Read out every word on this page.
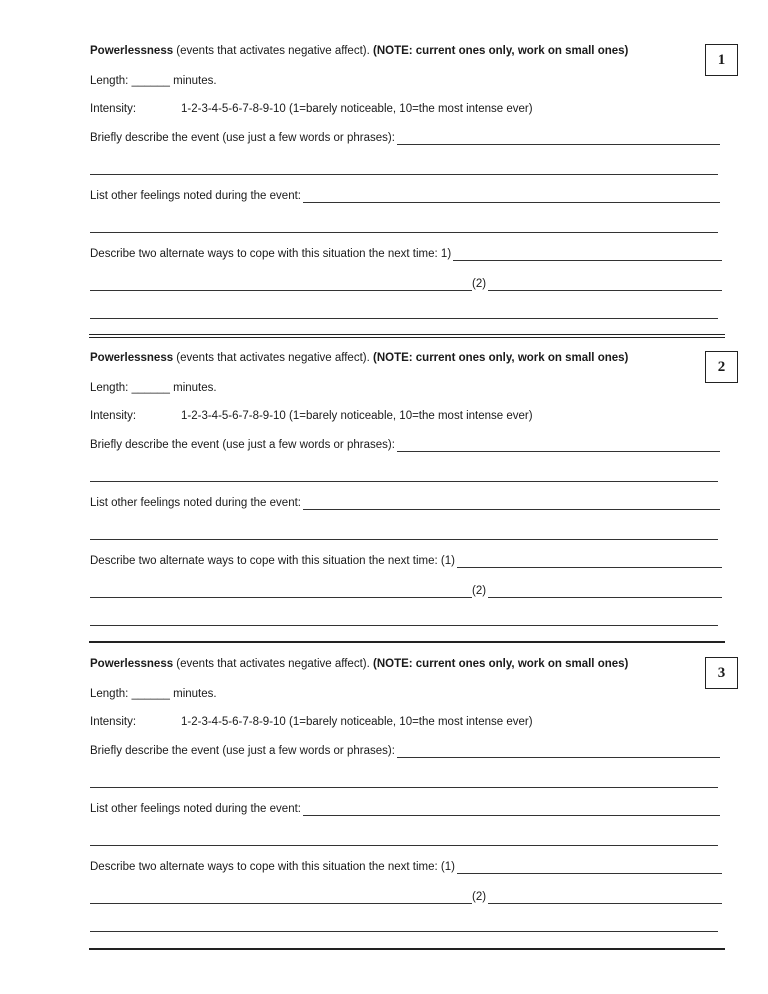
Powerlessness (events that activates negative affect). (NOTE: current ones only, work on small ones)
1
Length: ______ minutes.
Intensity:	1-2-3-4-5-6-7-8-9-10 (1=barely noticeable, 10=the most intense ever)
Briefly describe the event (use just a few words or phrases):
List other feelings noted during the event:
Describe two alternate ways to cope with this situation the next time: 1)
(2)
Powerlessness (events that activates negative affect). (NOTE: current ones only, work on small ones)
2
Length: ______ minutes.
Intensity:	1-2-3-4-5-6-7-8-9-10 (1=barely noticeable, 10=the most intense ever)
Briefly describe the event (use just a few words or phrases):
List other feelings noted during the event:
Describe two alternate ways to cope with this situation the next time: (1)
(2)
Powerlessness (events that activates negative affect). (NOTE: current ones only, work on small ones)
3
Length: ______ minutes.
Intensity:	1-2-3-4-5-6-7-8-9-10 (1=barely noticeable, 10=the most intense ever)
Briefly describe the event (use just a few words or phrases):
List other feelings noted during the event:
Describe two alternate ways to cope with this situation the next time: (1)
(2)
